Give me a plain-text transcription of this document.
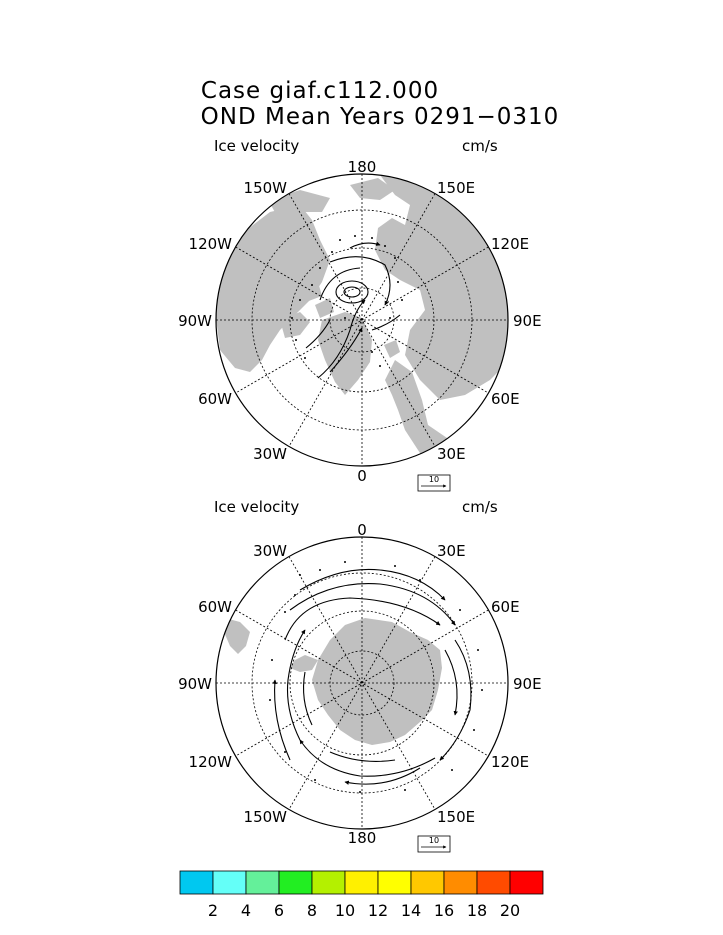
Case giaf.c112.000
OND Mean Years 0291−0310
Ice velocity	cm/s
Ice velocity	cm/s
180
150E
120E
90E
60E
30E
0
30W
60W
90W
120W
150W
10
0
30E
60E
90E
120E
150E
180
150W
120W
90W
60W
30W
10
2 4 6 8 10 12 14 16 18 20
